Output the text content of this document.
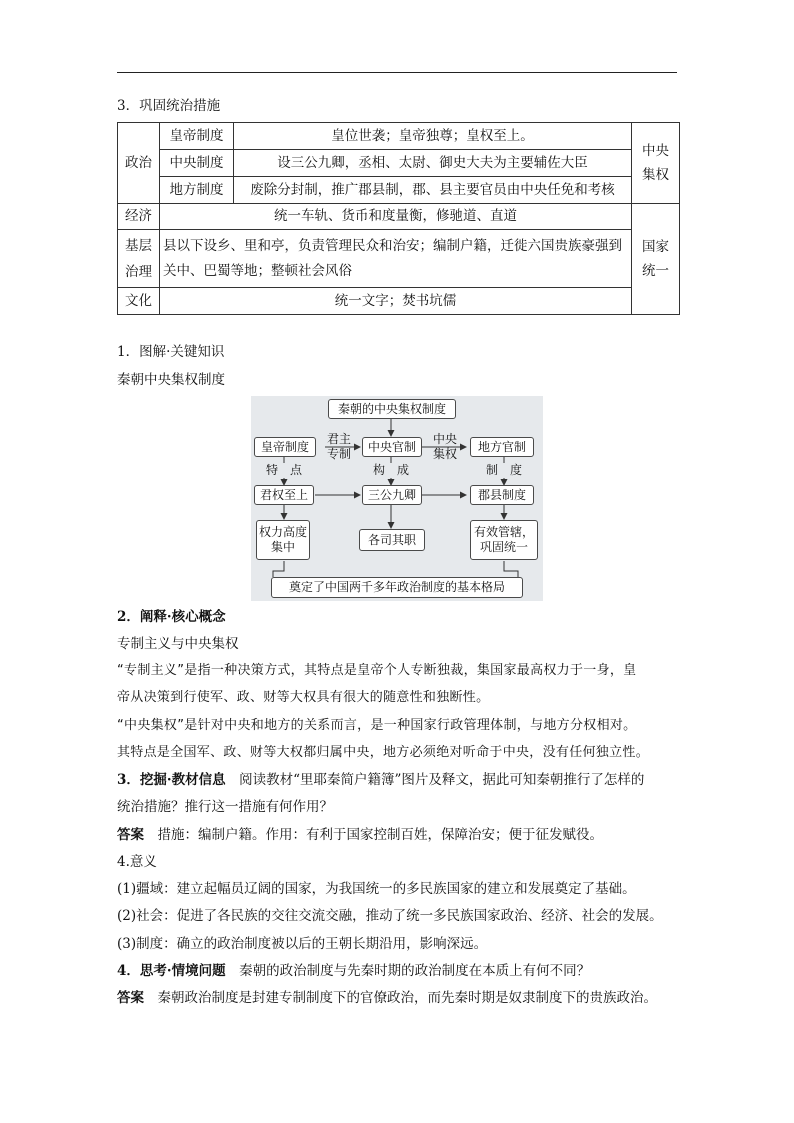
3．巩固统治措施
政治	皇帝制度	皇位世袭；皇帝独尊；皇权至上。	中央集权

	中央制度	设三公九卿，丞相、太尉、御史大夫为主要辅佐大臣	
	地方制度	废除分封制，推广郡县制，郡、县主要官员由中央任免和考核	
经济	统一车轨、货币和度量衡，修驰道、直道		国家统一

基层治理	县以下设乡、里和亭，负责管理民众和治安；编制户籍，迁徙六国贵族豪强到关中、巴蜀等地；整顿社会风俗		
文化	统一文字；焚书坑儒		
1．图解·关键知识
秦朝中央集权制度
秦朝的中央集权制度
皇帝制度	中央官制	地方官制
君主专制
中央集权
特　点	构　成	制　度
君权至上	三公九卿	郡县制度
权力高度集中
各司其职
有效管辖，巩固统一
奠定了中国两千多年政治制度的基本格局
2．阐释·核心概念
专制主义与中央集权
“专制主义”是指一种决策方式，其特点是皇帝个人专断独裁，集国家最高权力于一身，皇
帝从决策到行使军、政、财等大权具有很大的随意性和独断性。
“中央集权”是针对中央和地方的关系而言，是一种国家行政管理体制，与地方分权相对。
其特点是全国军、政、财等大权都归属中央，地方必须绝对听命于中央，没有任何独立性。
3．挖掘·教材信息　阅读教材“里耶秦简户籍簿”图片及释文，据此可知秦朝推行了怎样的
统治措施？推行这一措施有何作用？
答案　措施：编制户籍。作用：有利于国家控制百姓，保障治安；便于征发赋役。
4.意义
(1)疆域：建立起幅员辽阔的国家，为我国统一的多民族国家的建立和发展奠定了基础。
(2)社会：促进了各民族的交往交流交融，推动了统一多民族国家政治、经济、社会的发展。
(3)制度：确立的政治制度被以后的王朝长期沿用，影响深远。
4．思考·情境问题　秦朝的政治制度与先秦时期的政治制度在本质上有何不同？
答案　秦朝政治制度是封建专制制度下的官僚政治，而先秦时期是奴隶制度下的贵族政治。
